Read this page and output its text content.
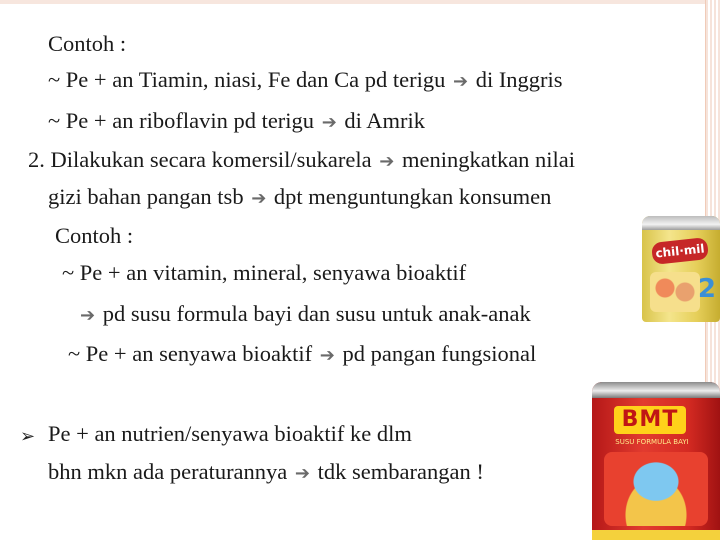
Contoh :
~ Pe + an Tiamin, niasi, Fe dan Ca pd terigu ➔ di Inggris
~ Pe + an riboflavin pd terigu ➔ di Amrik
2. Dilakukan secara komersil/sukarela ➔ meningkatkan nilai
gizi bahan pangan tsb ➔ dpt menguntungkan konsumen
Contoh :
~ Pe + an vitamin, mineral, senyawa bioaktif
➔ pd susu formula bayi dan susu untuk anak-anak
~ Pe + an senyawa bioaktif ➔ pd pangan fungsional
➢ Pe + an nutrien/senyawa bioaktif ke dlm
bhn mkn ada peraturannya ➔ tdk sembarangan !
chil·mil
2
BMT
SUSU FORMULA BAYI
